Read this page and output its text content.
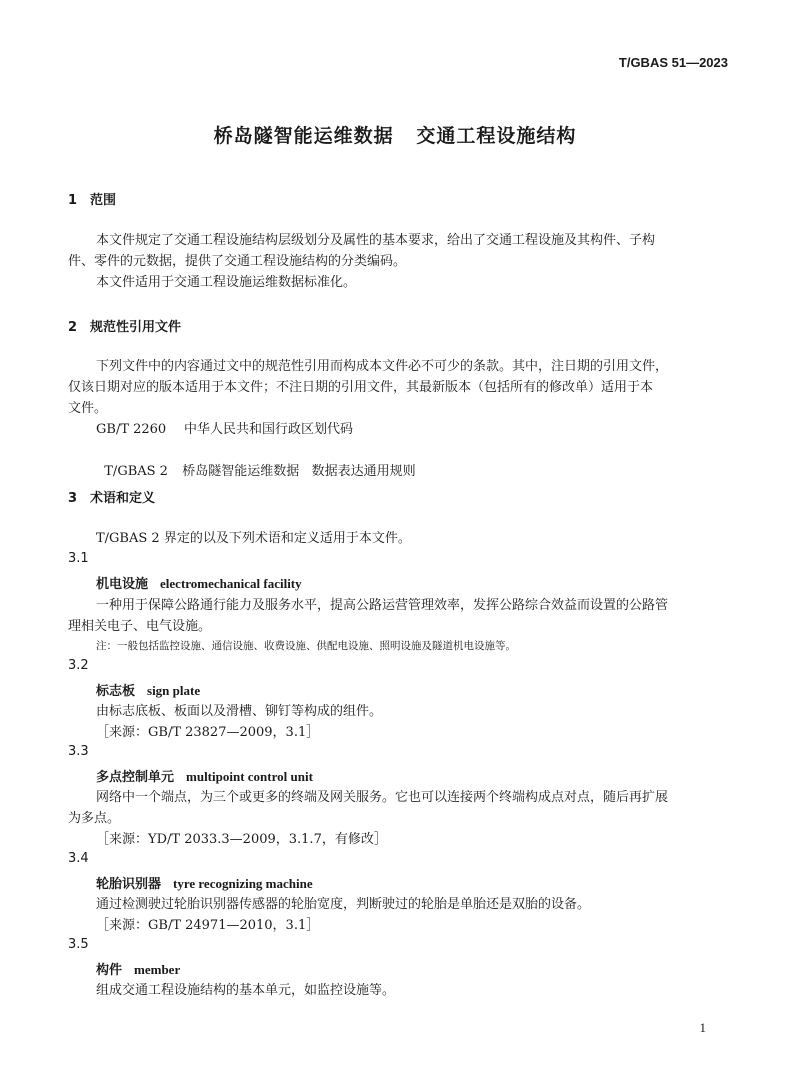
T/GBAS 51—2023
桥岛隧智能运维数据   交通工程设施结构
1 范围
本文件规定了交通工程设施结构层级划分及属性的基本要求，给出了交通工程设施及其构件、子构
件、零件的元数据，提供了交通工程设施结构的分类编码。
本文件适用于交通工程设施运维数据标准化。
2 规范性引用文件
下列文件中的内容通过文中的规范性引用而构成本文件必不可少的条款。其中，注日期的引用文件，
仅该日期对应的版本适用于本文件；不注日期的引用文件，其最新版本（包括所有的修改单）适用于本
文件。
GB/T 2260 中华人民共和国行政区划代码

T/GBAS 2 桥岛隧智能运维数据   数据表达通用规则

3 术语和定义
T/GBAS 2 界定的以及下列术语和定义适用于本文件。
3.1
机电设施 electromechanical facility
一种用于保障公路通行能力及服务水平，提高公路运营管理效率，发挥公路综合效益而设置的公路管
理相关电子、电气设施。
注：一般包括监控设施、通信设施、收费设施、供配电设施、照明设施及隧道机电设施等。
3.2
标志板 sign plate
由标志底板、板面以及滑槽、铆钉等构成的组件。
［来源：GB/T 23827—2009，3.1］
3.3
多点控制单元 multipoint control unit
网络中一个端点，为三个或更多的终端及网关服务。它也可以连接两个终端构成点对点，随后再扩展
为多点。
［来源：YD/T 2033.3—2009，3.1.7，有修改］
3.4
轮胎识别器 tyre recognizing machine
通过检测驶过轮胎识别器传感器的轮胎宽度，判断驶过的轮胎是单胎还是双胎的设备。
［来源：GB/T 24971—2010，3.1］
3.5
构件 member
组成交通工程设施结构的基本单元，如监控设施等。
1
